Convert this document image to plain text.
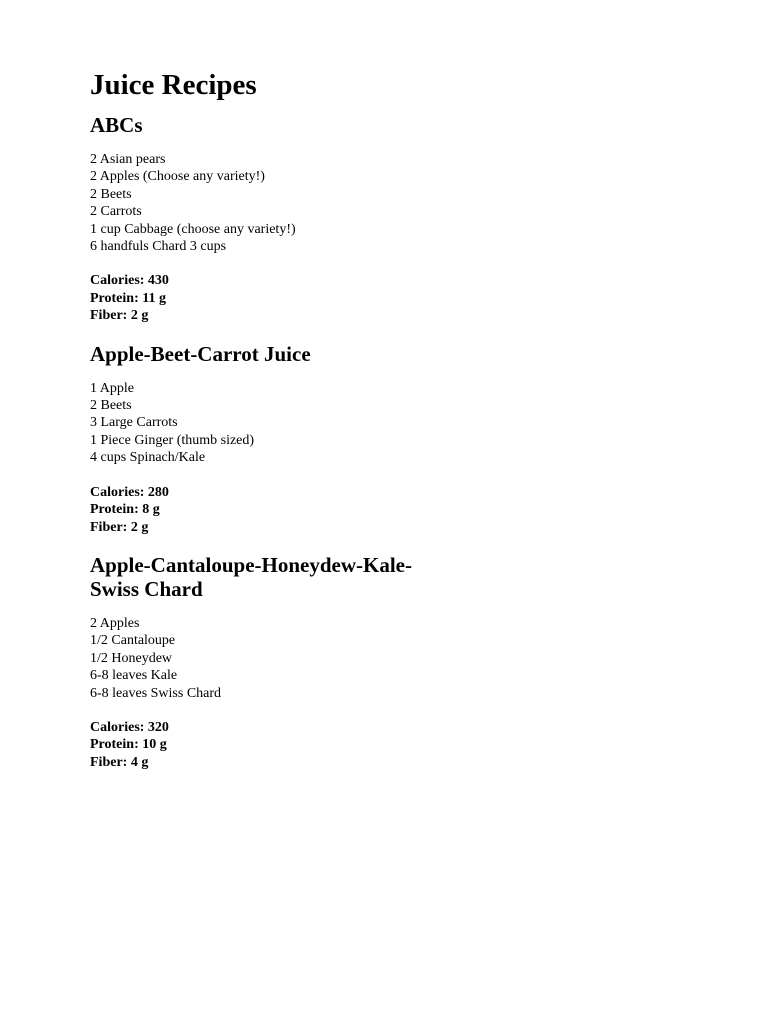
Juice Recipes
ABCs
2 Asian pears
2 Apples (Choose any variety!)
2 Beets
2 Carrots
1 cup Cabbage (choose any variety!)
6 handfuls Chard 3 cups
Calories: 430
Protein: 11 g
Fiber: 2 g
Apple-Beet-Carrot Juice
1 Apple
2 Beets
3 Large Carrots
1 Piece Ginger (thumb sized)
4 cups Spinach/Kale
Calories: 280
Protein: 8 g
Fiber: 2 g
Apple-Cantaloupe-Honeydew-Kale-Swiss Chard
2 Apples
1/2 Cantaloupe
1/2 Honeydew
6-8 leaves Kale
6-8 leaves Swiss Chard
Calories: 320
Protein: 10 g
Fiber: 4 g
